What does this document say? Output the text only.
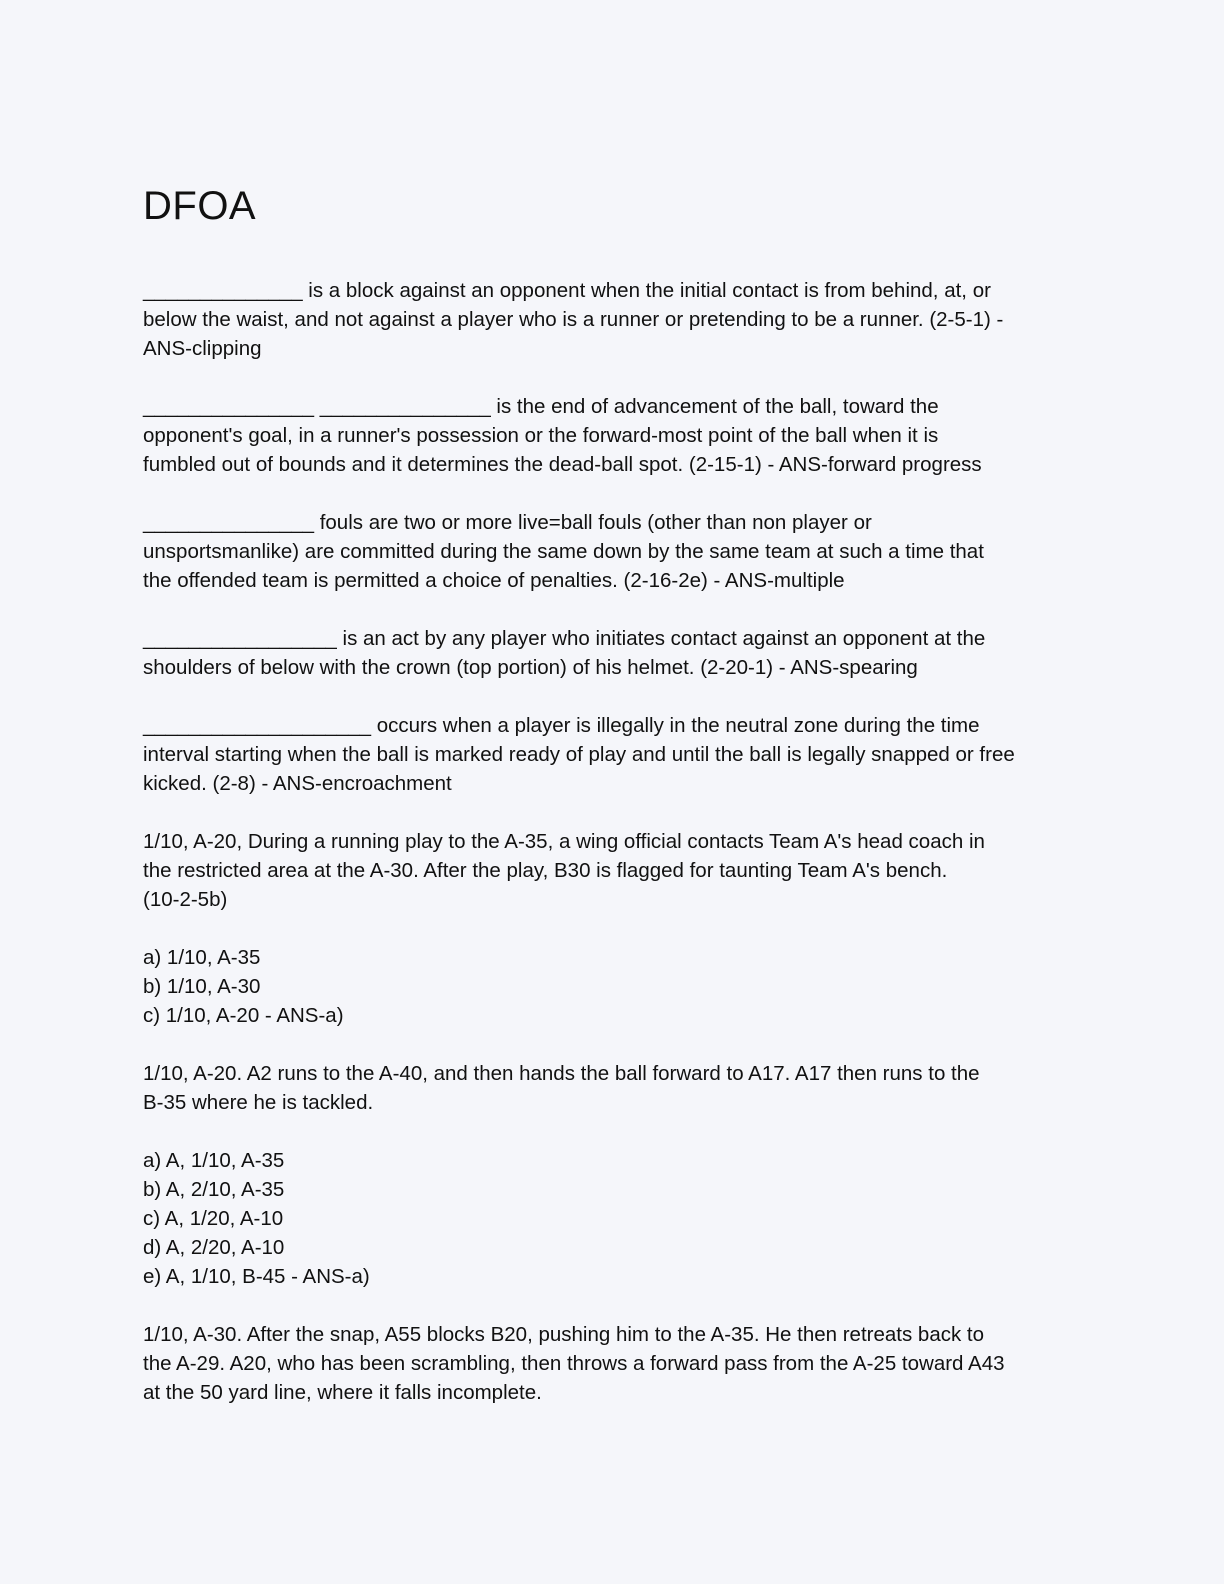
DFOA
______________ is a block against an opponent when the initial contact is from behind, at, or
below the waist, and not against a player who is a runner or pretending to be a runner. (2-5-1) -
ANS-clipping
_______________ _______________ is the end of advancement of the ball, toward the
opponent's goal, in a runner's possession or the forward-most point of the ball when it is
fumbled out of bounds and it determines the dead-ball spot. (2-15-1) - ANS-forward progress
_______________ fouls are two or more live=ball fouls (other than non player or
unsportsmanlike) are committed during the same down by the same team at such a time that
the offended team is permitted a choice of penalties. (2-16-2e) - ANS-multiple
_________________ is an act by any player who initiates contact against an opponent at the
shoulders of below with the crown (top portion) of his helmet. (2-20-1) - ANS-spearing
____________________ occurs when a player is illegally in the neutral zone during the time
interval starting when the ball is marked ready of play and until the ball is legally snapped or free
kicked. (2-8) - ANS-encroachment
1/10, A-20, During a running play to the A-35, a wing official contacts Team A's head coach in
the restricted area at the A-30. After the play, B30 is flagged for taunting Team A's bench.
(10-2-5b)
a) 1/10, A-35
b) 1/10, A-30
c) 1/10, A-20 - ANS-a)
1/10, A-20. A2 runs to the A-40, and then hands the ball forward to A17. A17 then runs to the
B-35 where he is tackled.
a) A, 1/10, A-35
b) A, 2/10, A-35
c) A, 1/20, A-10
d) A, 2/20, A-10
e) A, 1/10, B-45 - ANS-a)
1/10, A-30. After the snap, A55 blocks B20, pushing him to the A-35. He then retreats back to
the A-29. A20, who has been scrambling, then throws a forward pass from the A-25 toward A43
at the 50 yard line, where it falls incomplete.
